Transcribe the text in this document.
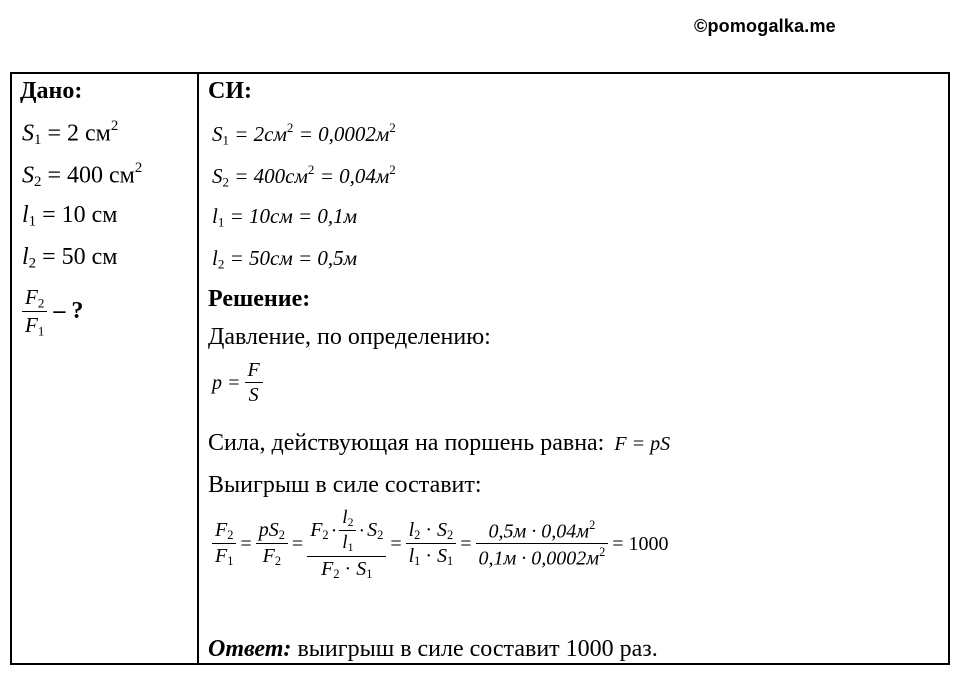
©pomogalka.me
Дано:
$S_1 = 2$ $см^2$
$S_2 = 400$ $см^2$
$l_1 = 10$ см
$l_2 = 50$ см
$\frac{F_2}{F_1}$ – ?
СИ:
$S_1 = 2см^2 = 0,0002м^2$
$S_2 = 400см^2 = 0,04м^2$
$l_1 = 10см = 0,1м$
$l_2 = 50см = 0,5м$
Решение:
Давление, по определению:
$p = \frac{F}{S}$
Сила, действующая на поршень равна: F = pS
Выигрыш в силе составит:
$\frac{F_2}{F_1} = \frac{pS_2}{F_2}$ =
$F_2 \cdot \frac{l_2}{l_1} \cdot S_2$
$F_2 \cdot S_1$
= $\frac{l_2 \cdot S_2}{l_1 \cdot S_1} = \frac{0,5м \cdot 0,04м^2}{0,1м \cdot 0,0002м^2} = 1000$
Ответ: выигрыш в силе составит 1000 раз.
